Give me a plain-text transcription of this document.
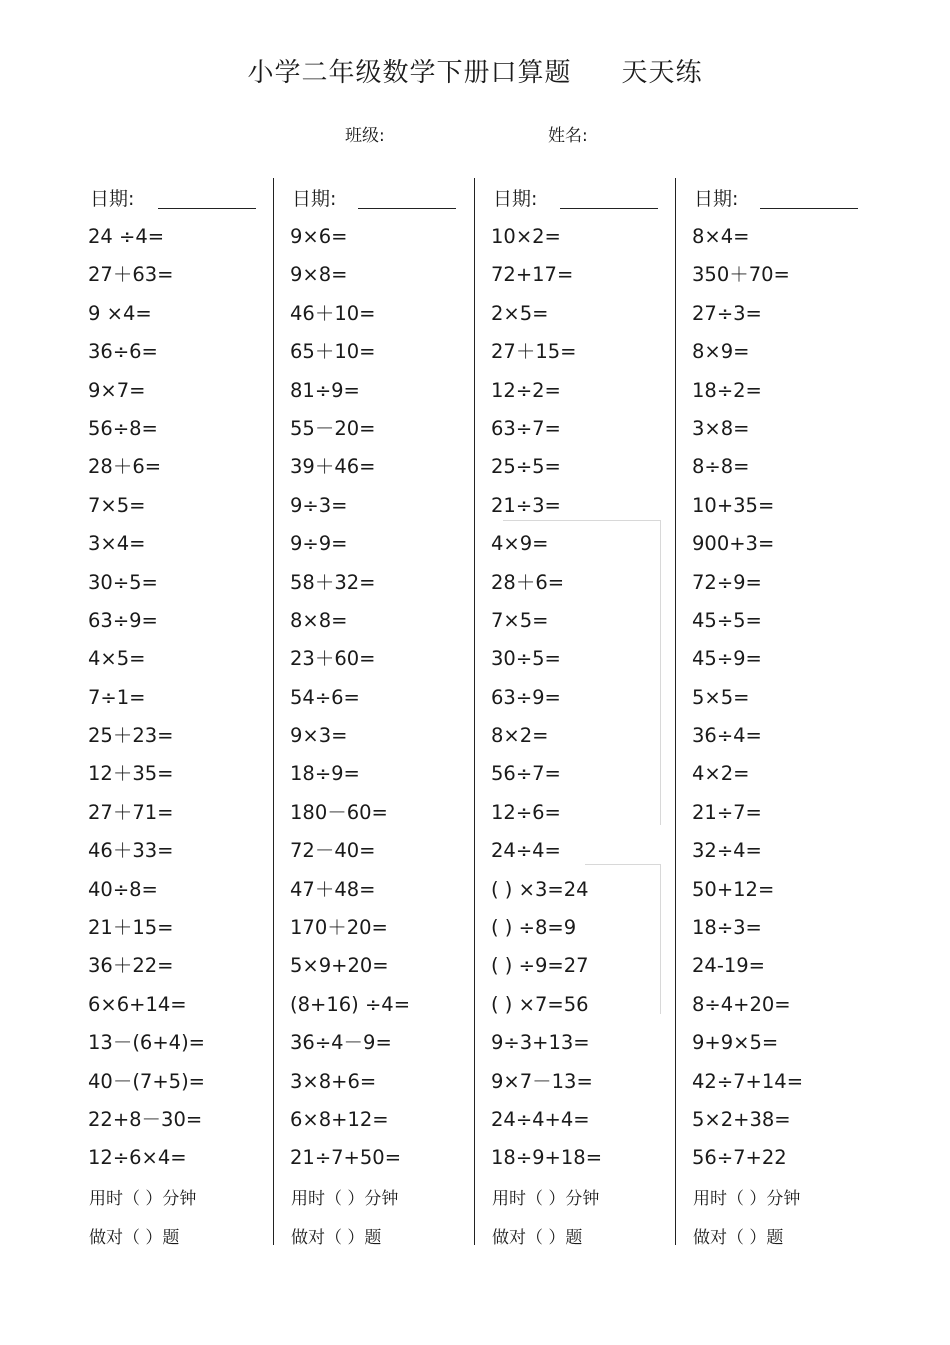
小学二年级数学下册口算题 天天练
班级:	姓名:
日期:
24 ÷4=
27＋63=
9 ×4=
36÷6=
9×7=
56÷8=
28＋6=
7×5=
3×4=
30÷5=
63÷9=
4×5=
7÷1=
25＋23=
12＋35=
27＋71=
46＋33=
40÷8=
21＋15=
36＋22=
6×6+14=
13－(6+4)=
40－(7+5)=
22+8－30=
12÷6×4=
用时（ ）分钟
做对（ ）题
日期:
9×6=
9×8=
46＋10=
65＋10=
81÷9=
55－20=
39＋46=
9÷3=
9÷9=
58＋32=
8×8=
23＋60=
54÷6=
9×3=
18÷9=
180－60=
72－40=
47＋48=
170＋20=
5×9+20=
(8+16) ÷4=
36÷4－9=
3×8+6=
6×8+12=
21÷7+50=
用时（ ）分钟
做对（ ）题
日期:
10×2=
72+17=
2×5=
27＋15=
12÷2=
63÷7=
25÷5=
21÷3=
4×9=
28＋6=
7×5=
30÷5=
63÷9=
8×2=
56÷7=
12÷6=
24÷4=
( ) ×3=24
( ) ÷8=9
( ) ÷9=27
( ) ×7=56
9÷3+13=
9×7－13=
24÷4+4=
18÷9+18=
用时（ ）分钟
做对（ ）题
日期:
8×4=
350＋70=
27÷3=
8×9=
18÷2=
3×8=
8÷8=
10+35=
900+3=
72÷9=
45÷5=
45÷9=
5×5=
36÷4=
4×2=
21÷7=
32÷4=
50+12=
18÷3=
24-19=
8÷4+20=
9+9×5=
42÷7+14=
5×2+38=
56÷7+22
用时（ ）分钟
做对（ ）题
